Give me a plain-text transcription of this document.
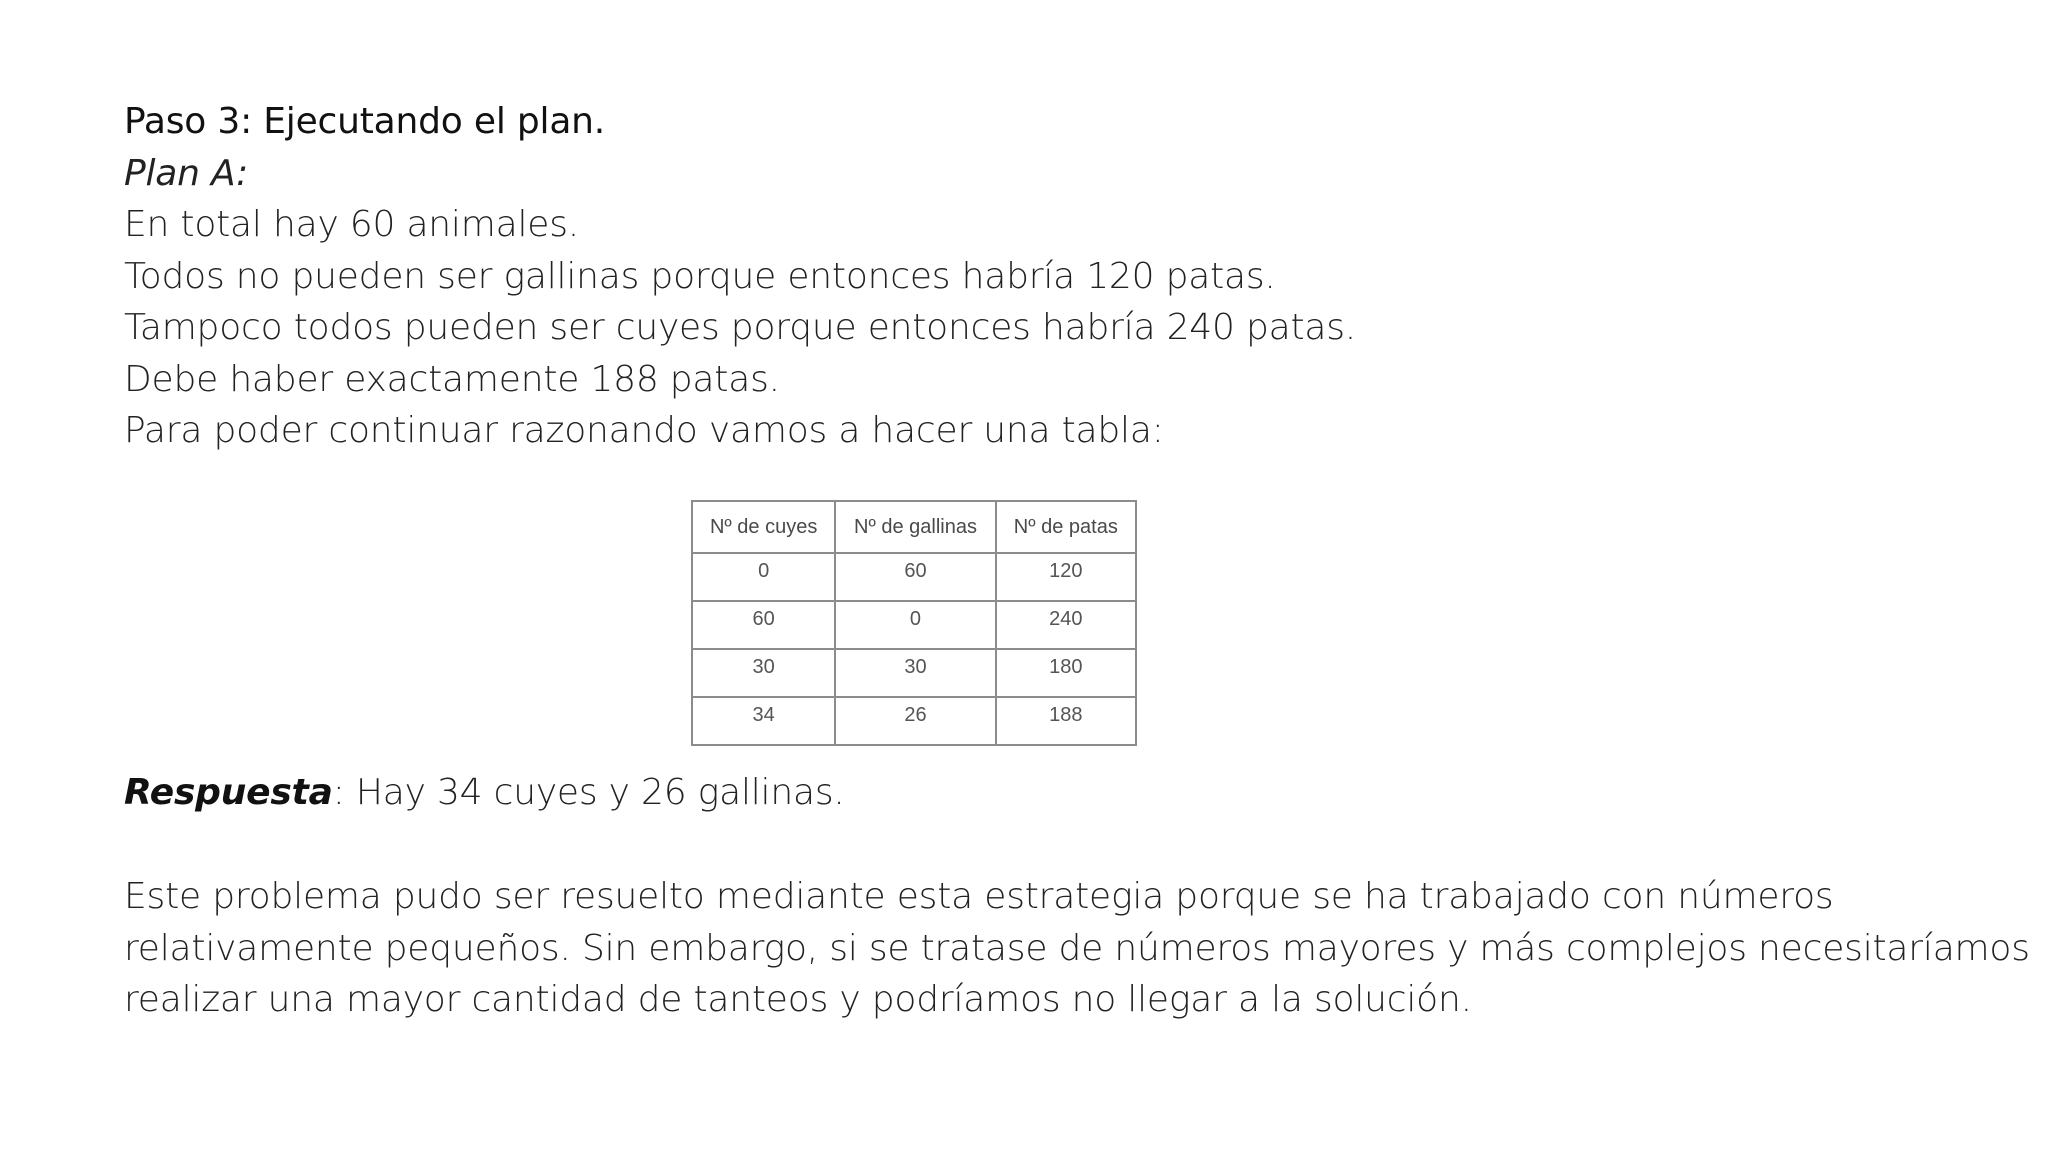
Paso 3: Ejecutando el plan.
Plan A:
En total hay 60 animales.
Todos no pueden ser gallinas porque entonces habría 120 patas.
Tampoco todos pueden ser cuyes porque entonces habría 240 patas.
Debe haber exactamente 188 patas.
Para poder continuar razonando vamos a hacer una tabla:
Nº de cuyes	Nº de gallinas	Nº de patas
0	60	120
60	0	240
30	30	180
34	26	188
Respuesta: Hay 34 cuyes y 26 gallinas.
Este problema pudo ser resuelto mediante esta estrategia porque se ha trabajado con números
relativamente pequeños. Sin embargo, si se tratase de números mayores y más complejos necesitaríamos
realizar una mayor cantidad de tanteos y podríamos no llegar a la solución.
